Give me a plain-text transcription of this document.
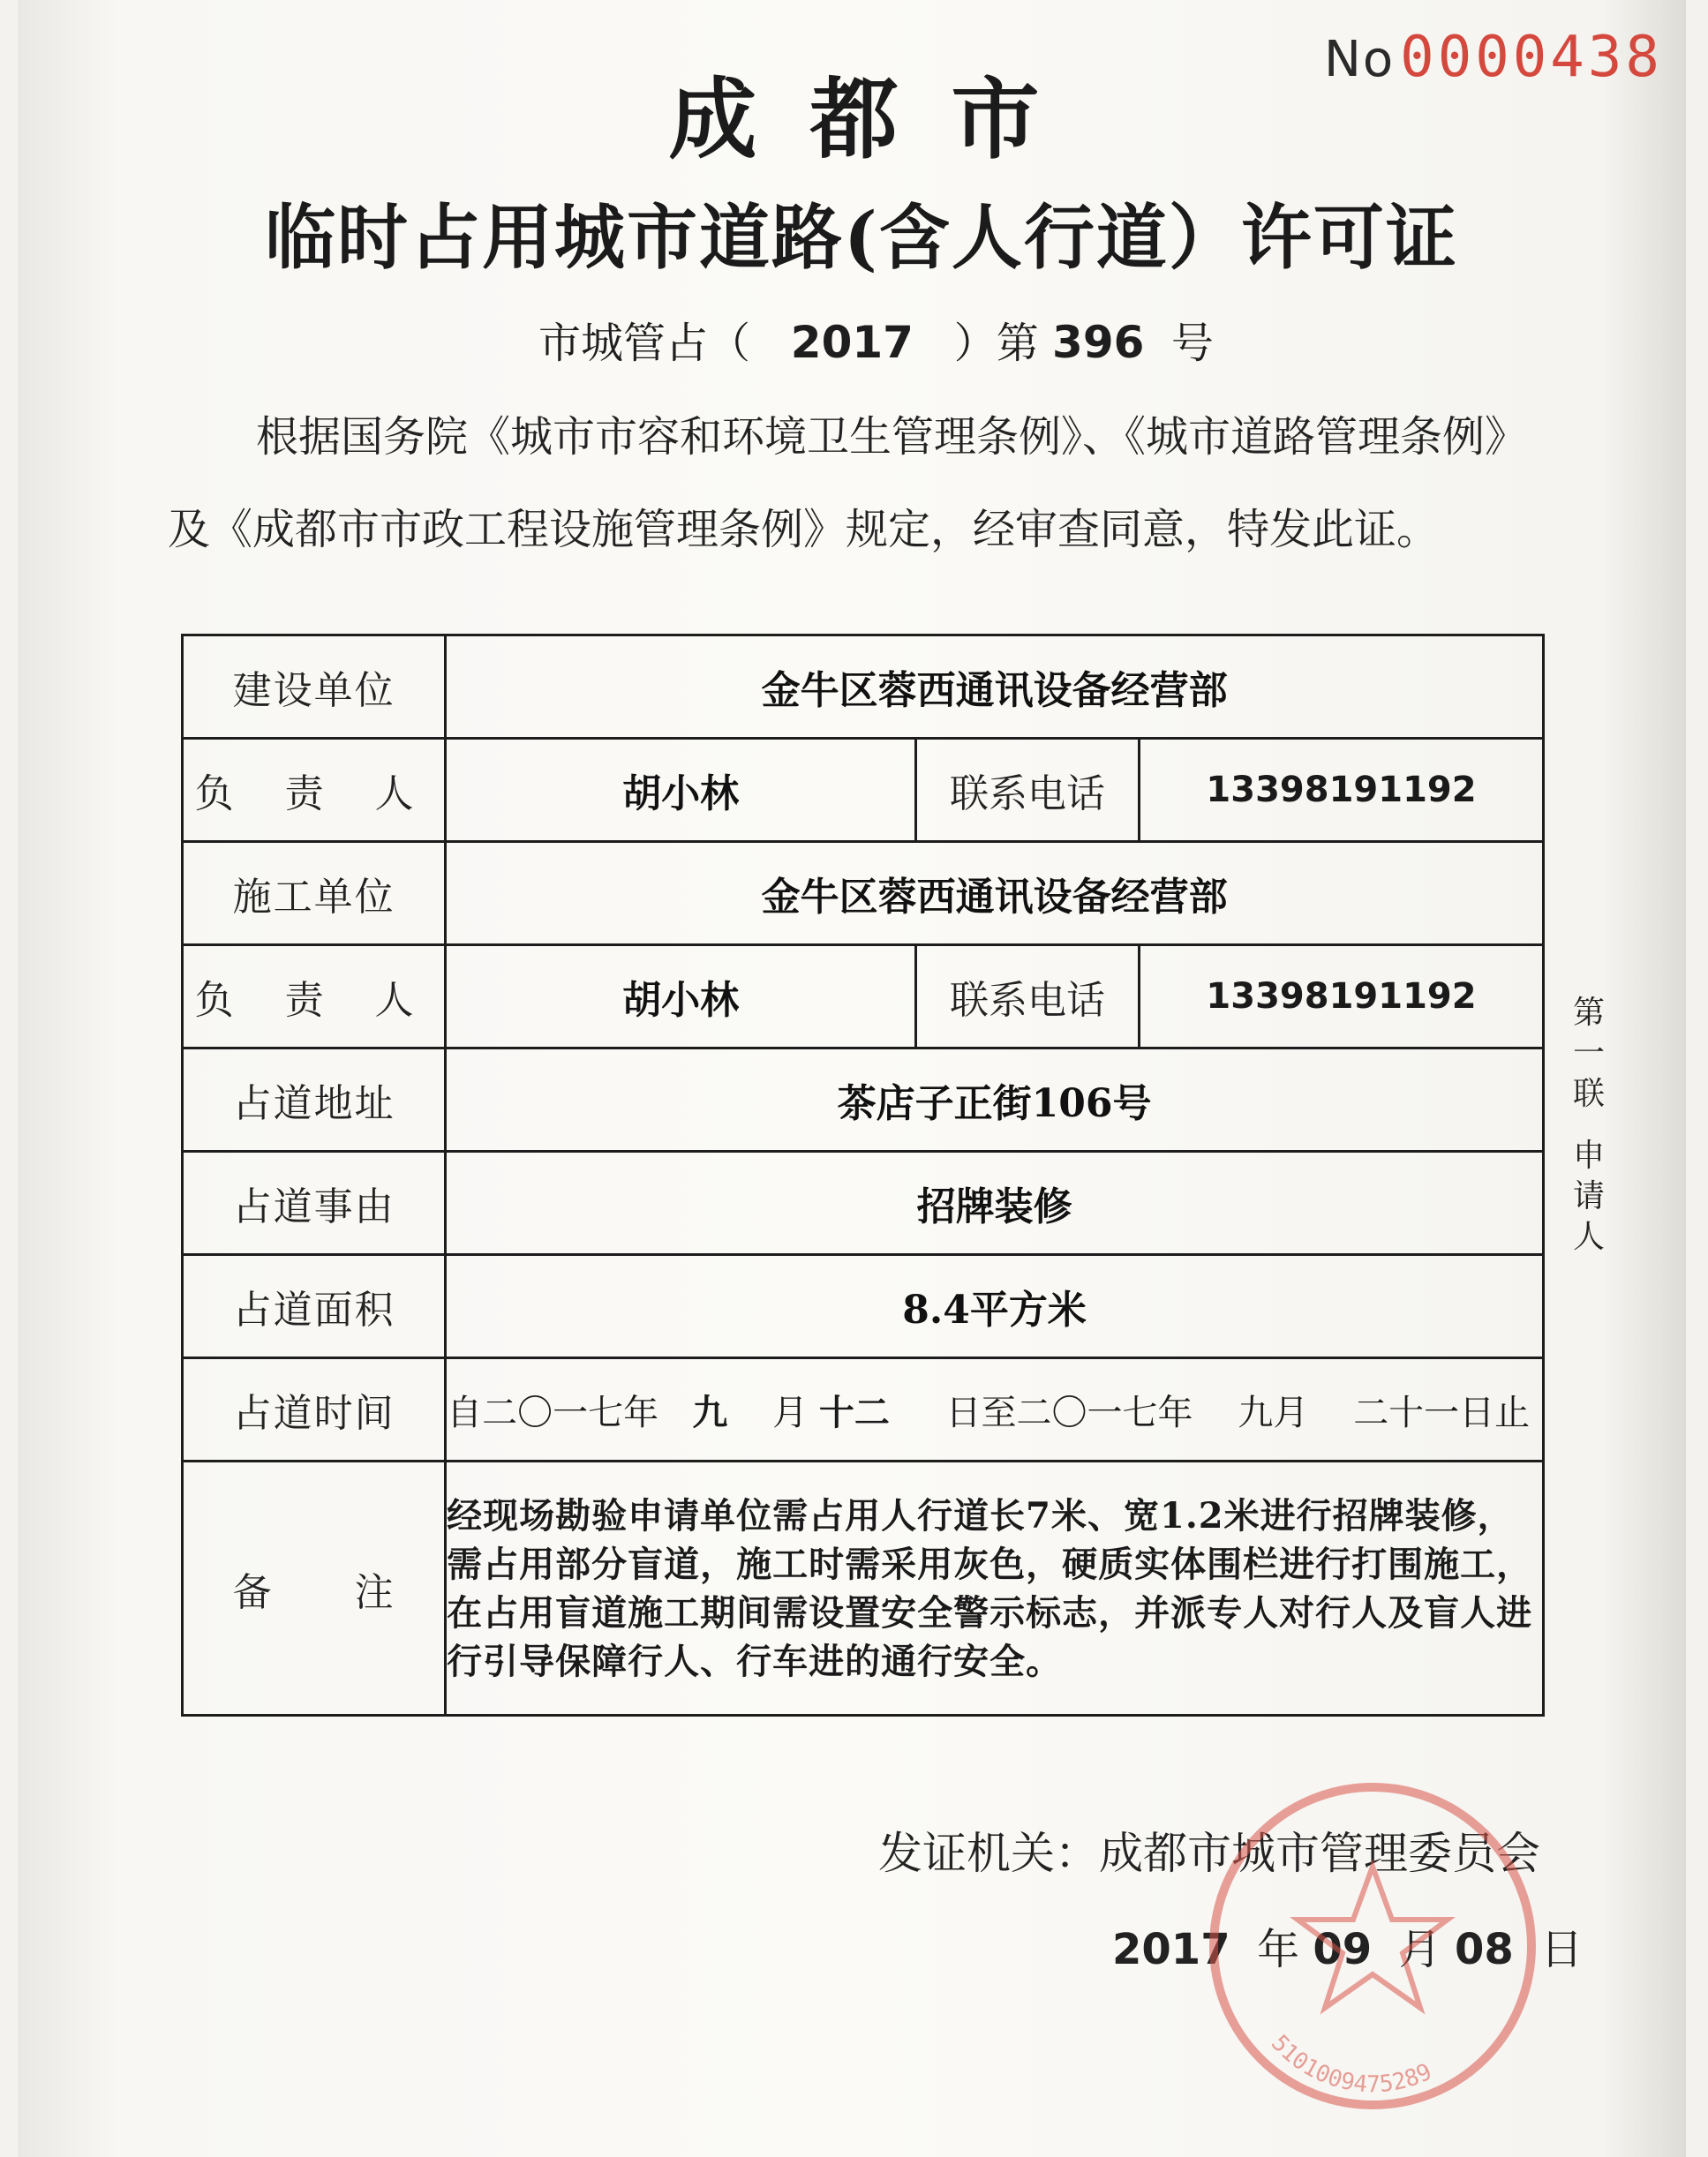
No0000438
成都市
临时占用城市道路(含人行道）许可证
市城管占（ 2017 ）第 396 号
根据国务院《城市市容和环境卫生管理条例》、《城市道路管理条例》
及《成都市市政工程设施管理条例》规定，经审查同意，特发此证。
建设单位	金牛区蓉西通讯设备经营部		
负 责 人	胡小林	联系电话	13398191192
施工单位	金牛区蓉西通讯设备经营部		
负 责 人	胡小林	联系电话	13398191192
占道地址	茶店子正街106号		
占道事由	招牌装修		
占道面积	8.4平方米		
占道时间	自二〇一七年 九 月 十二 日至二〇一七年 九月 二十一日止		
备　　注	经现场勘验申请单位需占用人行道长7米、宽1.2米进行招牌装修，需占用部分盲道，施工时需采用灰色，硬质实体围栏进行打围施工，在占用盲道施工期间需设置安全警示标志，并派专人对行人及盲人进行引导保障行人、行车进的通行安全。		
第一联
申请人
发证机关：成都市城市管理委员会
2017 年 09 月 08 日
5101009475289
